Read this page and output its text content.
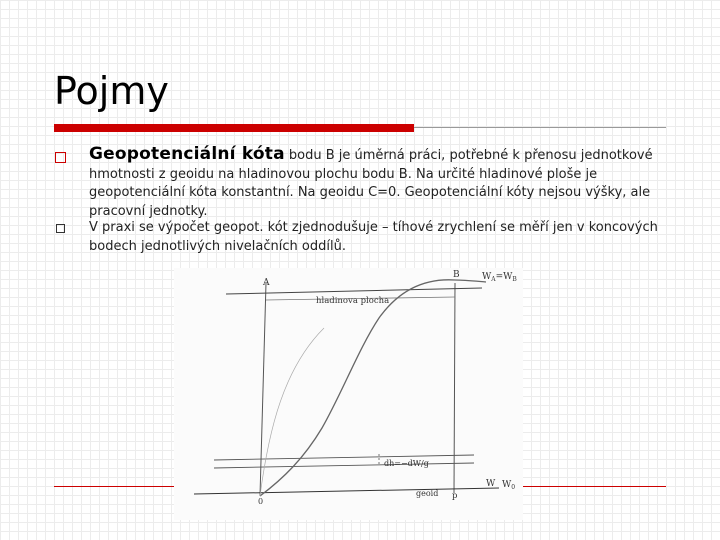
Pojmy
Geopotenciální kóta bodu B je úměrná práci, potřebné k přenosu jednotkové hmotnosti z geoidu na hladinovou plochu bodu B. Na určité hladinové ploše je geopotenciální kóta konstantní. Na geoidu C=0. Geopotenciální kóty nejsou výšky, ale pracovní jednotky.
V praxi se výpočet geopot. kót zjednodušuje – tíhové zrychlení se měří jen v koncových bodech jednotlivých nivelačních oddílů.
A
B $W_A=W_B$
hladinova plocha
dh=−dW/g
0
geoid p
W $W_0$
